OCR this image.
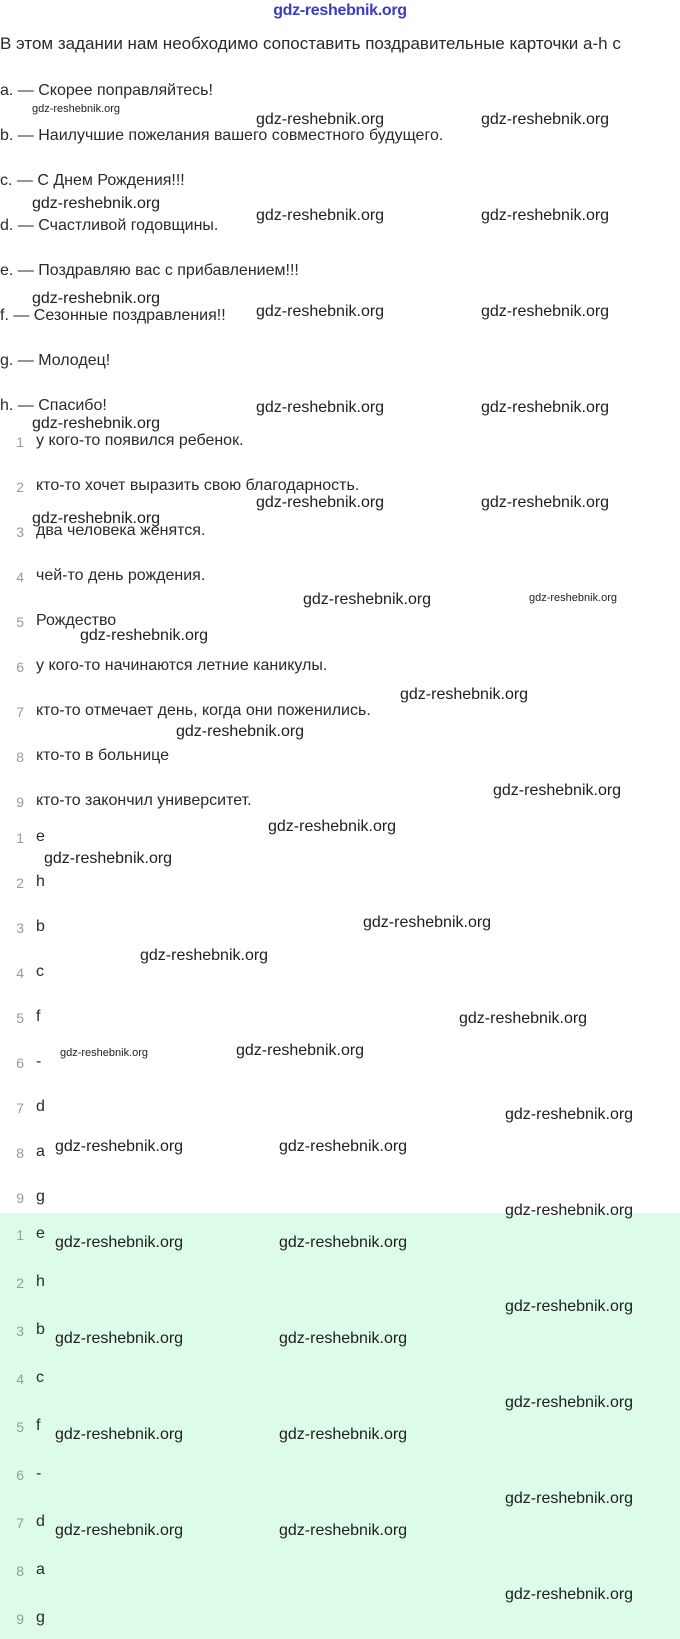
gdz-reshebnik.org
В этом задании нам необходимо сопоставить поздравительные карточки a-h с
a. — Скорее поправляйтесь!
b. — Наилучшие пожелания вашего совместного будущего.
c. — С Днем Рождения!!!
d. — Счастливой годовщины.
e. — Поздравляю вас с прибавлением!!!
f. — Сезонные поздравления!!
g. — Молодец!
h. — Спасибо!
1 у кого-то появился ребенок.
2 кто-то хочет выразить свою благодарность.
3 два человека женятся.
4 чей-то день рождения.
5 Рождество
6 у кого-то начинаются летние каникулы.
7 кто-то отмечает день, когда они поженились.
8 кто-то в больнице
9 кто-то закончил университет.
1 e
2 h
3 b
4 c
5 f
6 -
7 d
8 a
9 g
1 e
2 h
3 b
4 c
5 f
6 -
7 d
8 a
9 g
gdz-reshebnik.org
gdz-reshebnik.org	gdz-reshebnik.org
gdz-reshebnik.org
gdz-reshebnik.org	gdz-reshebnik.org
gdz-reshebnik.org
gdz-reshebnik.org	gdz-reshebnik.org
gdz-reshebnik.org	gdz-reshebnik.org
gdz-reshebnik.org
gdz-reshebnik.org	gdz-reshebnik.org
gdz-reshebnik.org
gdz-reshebnik.org	gdz-reshebnik.org
gdz-reshebnik.org
gdz-reshebnik.org
gdz-reshebnik.org
gdz-reshebnik.org
gdz-reshebnik.org
gdz-reshebnik.org
gdz-reshebnik.org
gdz-reshebnik.org
gdz-reshebnik.org
gdz-reshebnik.org	gdz-reshebnik.org
gdz-reshebnik.org
gdz-reshebnik.org	gdz-reshebnik.org
gdz-reshebnik.org
gdz-reshebnik.org	gdz-reshebnik.org
gdz-reshebnik.org
gdz-reshebnik.org	gdz-reshebnik.org
gdz-reshebnik.org
gdz-reshebnik.org	gdz-reshebnik.org
gdz-reshebnik.org
gdz-reshebnik.org	gdz-reshebnik.org
gdz-reshebnik.org
